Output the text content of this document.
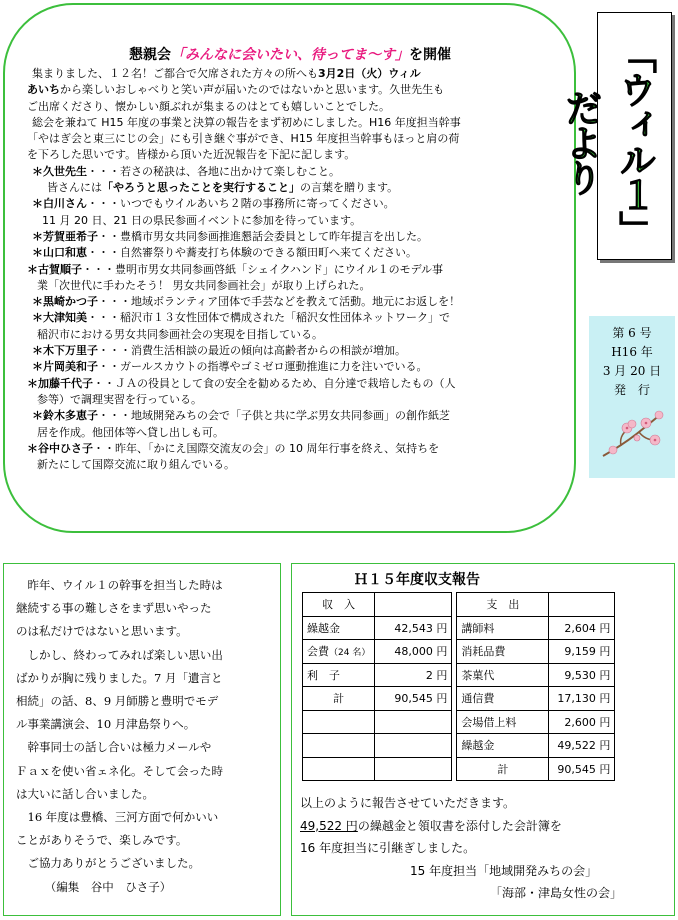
懇親会「みんなに会いたい、待ってま〜す」を開催

集まりました、１２名！ご都合で欠席された方々の所へも3月2日（火）ウィル

あいちから楽しいおしゃべりと笑い声が届いたのではないかと思います。久世先生も

ご出席くださり、懐かしい顔ぶれが集まるのはとても嬉しいことでした。

総会を兼ねて H15 年度の事業と決算の報告をまず初めにしました。H16 年度担当幹事

「やはぎ会と東三にじの会」にも引き継ぐ事ができ、H15 年度担当幹事もほっと肩の荷

を下ろした思いです。皆様から頂いた近況報告を下記に記します。

＊久世先生・・・若さの秘訣は、各地に出かけて楽しむこと。

皆さんには「やろうと思ったことを実行すること」の言葉を贈ります。

＊白川さん・・・いつでもウイルあいち２階の事務所に寄ってください。

11 月 20 日、21 日の県民参画イベントに参加を待っています。

＊芳賀亜希子・・豊橋市男女共同参画推進懇話会委員として昨年提言を出した。

＊山口和恵・・・自然審祭りや蕎麦打ち体験のできる額田町へ来てください。

＊古賀順子・・・豊明市男女共同参画啓紙「シェイクハンド」にウイル１のモデル事

業「次世代に手わたそう！ 男女共同参画社会」が取り上げられた。

＊黒崎かつ子・・・地域ボランティア団体で手芸などを教えて活動。地元にお返しを！

＊大津知美・・・稲沢市１３女性団体で構成された「稲沢女性団体ネットワーク」で

稲沢市における男女共同参画社会の実現を目指している。

＊木下万里子・・・消費生活相談の最近の傾向は高齢者からの相談が増加。

＊片岡美和子・・ガールスカウトの指導やゴミゼロ運動推進に力を注いでいる。

＊加藤千代子・・ＪＡの役員として食の安全を勧めるため、自分達で栽培したもの（人

参等）で調理実習を行っている。

＊鈴木多恵子・・・地域開発みちの会で「子供と共に学ぶ男女共同参画」の創作紙芝

居を作成。他団体等へ貸し出しも可。

＊谷中ひさ子・・昨年、「かにえ国際交流友の会」の 10 周年行事を終え、気持ちを

新たにして国際交流に取り組んでいる。

「ウィル１」だより
第 6 号
H16 年
3 月 20 日
発　行

　昨年、ウイル１の幹事を担当した時は

継続する事の難しさをまず思いやった

のは私だけではないと思います。

　しかし、終わってみれば楽しい思い出

ばかりが胸に残りました。7 月「遺言と

相続」の話、8、9 月師勝と豊明でモデ

ル事業講演会、10 月津島祭りへ。

　幹事同士の話し合いは極力メールや

Ｆａｘを使い省ェネ化。そして会った時

は大いに話し合いました。

　16 年度は豊橋、三河方面で何かいい

ことがありそうで、楽しみです。

　ご協力ありがとうございました。

　　　（編集　谷中　ひさ子）

Ｈ１５年度収支報告
収　入			支　出	
繰越金	42,543 円		講師料	2,604 円
会費（24 名）	48,000 円		消耗品費	9,159 円
利　子	2 円		茶菓代	9,530 円
計	90,545 円		通信費	17,130 円
			会場借上料	2,600 円
			繰越金	49,522 円
			計	90,545 円

以上のように報告させていただきます。

49,522 円の繰越金と領収書を添付した会計簿を

16 年度担当に引継ぎしました。

15 年度担当「地域開発みちの会」

「海部・津島女性の会」
